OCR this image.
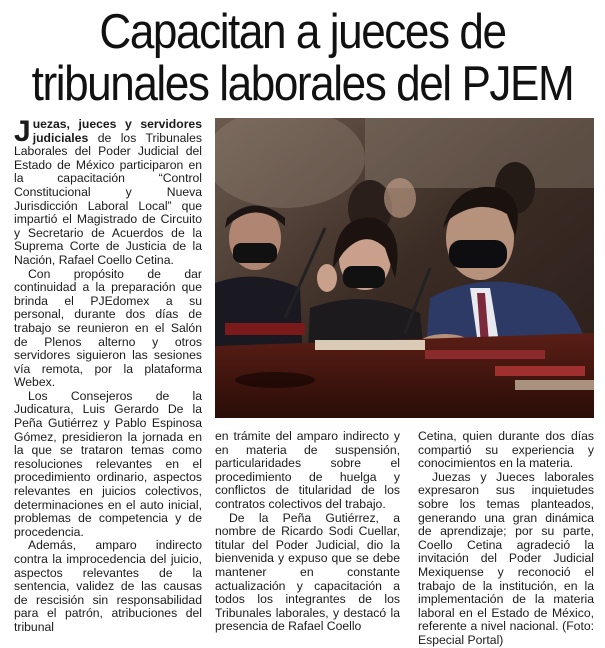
Capacitan a jueces de tribunales laborales del PJEM

Juezas, jueces y servidores judiciales de los Tribunales Laborales del Poder Judicial del Estado de México participaron en la capacitación “Control Constitucional y Nueva Jurisdicción Laboral Local” que impartió el Magistrado de Circuito y Secretario de Acuerdos de la Suprema Corte de Justicia de la Nación, Rafael Coello Cetina.

Con propósito de dar continuidad a la preparación que brinda el PJEdomex a su personal, durante dos días de trabajo se reunieron en el Salón de Plenos alterno y otros servidores siguieron las sesiones vía remota, por la plataforma Webex.

Los Consejeros de la Judicatura, Luis Gerardo De la Peña Gutiérrez y Pablo Espinosa Gómez, presidieron la jornada en la que se trataron temas como resoluciones relevantes en el procedimiento ordinario, aspectos relevantes en juicios colectivos, determinaciones en el auto inicial, problemas de competencia y de procedencia.

Además, amparo indirecto contra la improcedencia del juicio, aspectos relevantes de la sentencia, validez de las causas de rescisión sin responsabilidad para el patrón, atribuciones del tribunal

en trámite del amparo indirecto y en materia de suspensión, particularidades sobre el procedimiento de huelga y conflictos de titularidad de los contratos colectivos del trabajo.

De la Peña Gutiérrez, a nombre de Ricardo Sodi Cuellar, titular del Poder Judicial, dio la bienvenida y expuso que se debe mantener en constante actualización y capacitación a todos los integrantes de los Tribunales laborales, y destacó la presencia de Rafael Coello

Cetina, quien durante dos días compartió su experiencia y conocimientos en la materia.

Juezas y Jueces laborales expresaron sus inquietudes sobre los temas planteados, generando una gran dinámica de aprendizaje; por su parte, Coello Cetina agradeció la invitación del Poder Judicial Mexiquense y reconoció el trabajo de la institución, en la implementación de la materia laboral en el Estado de México, referente a nivel nacional. (Foto: Especial Portal)
